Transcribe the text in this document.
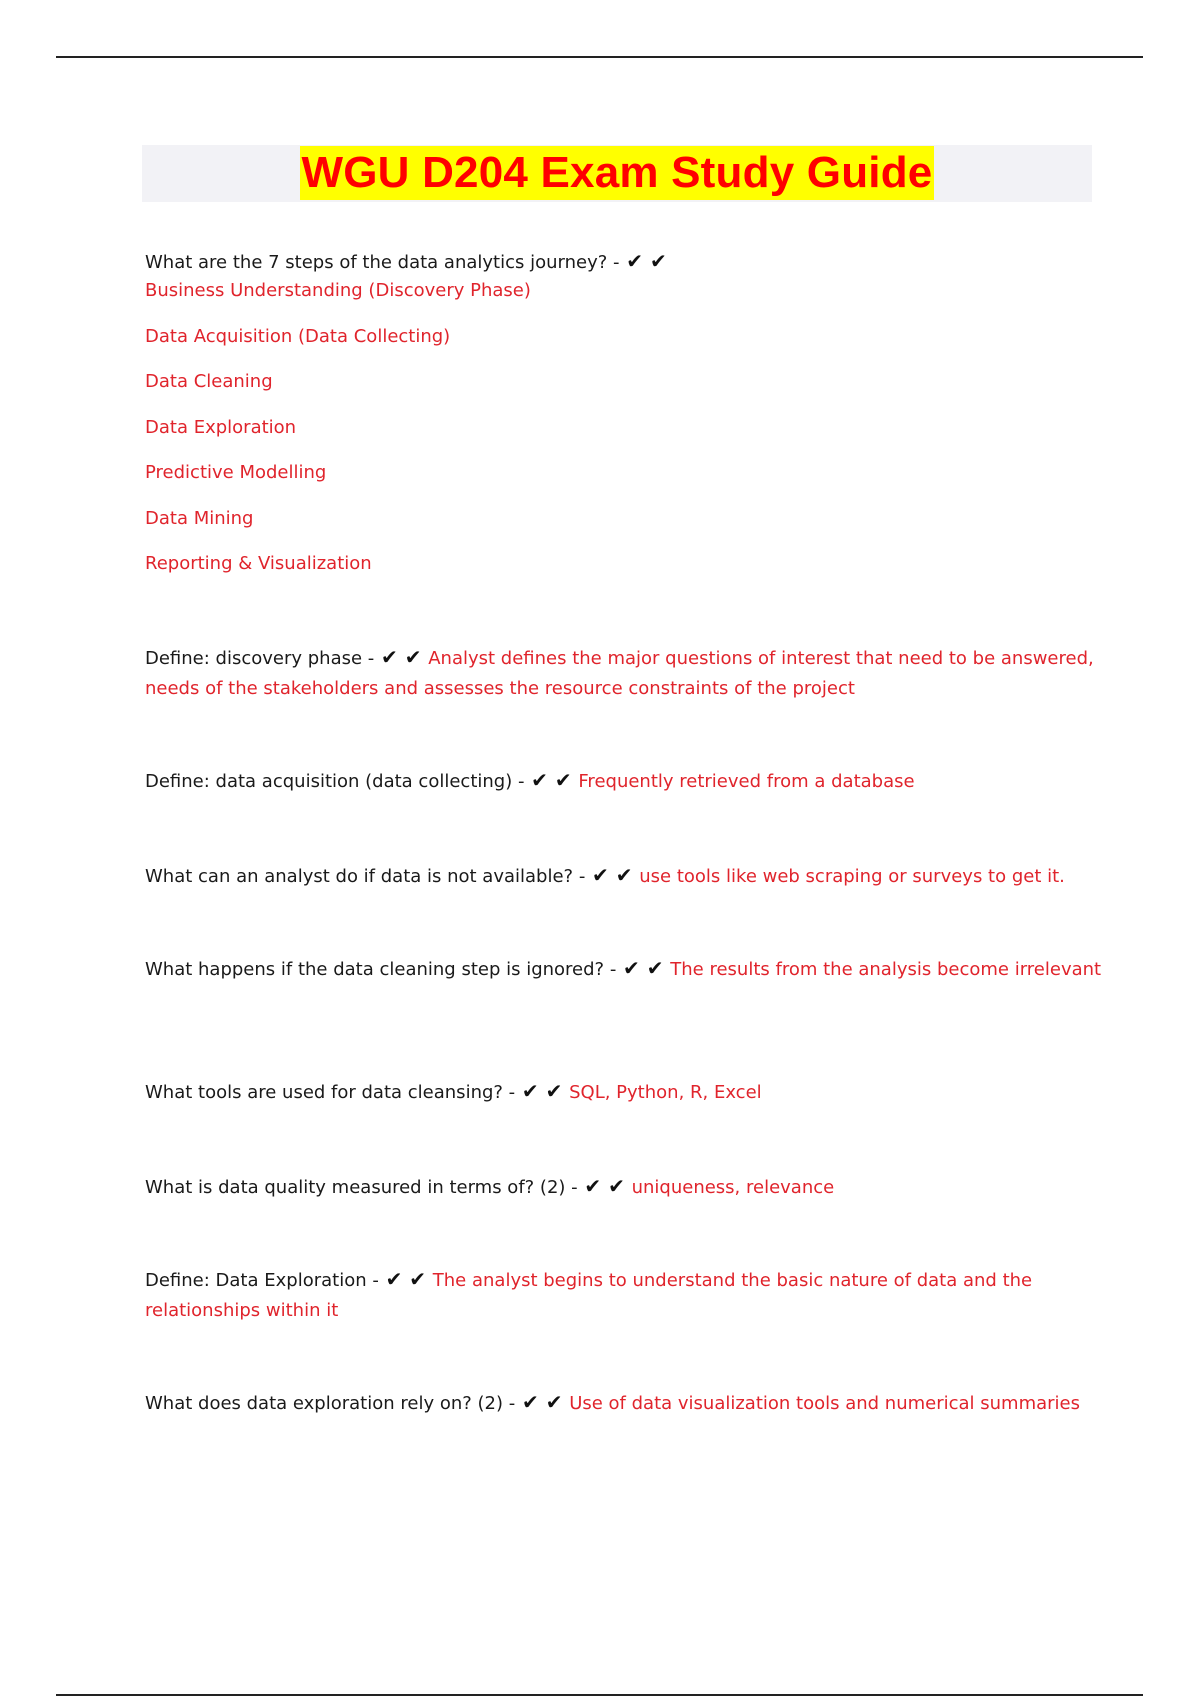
WGU D204 Exam Study Guide
What are the 7 steps of the data analytics journey? - ✔ ✔
Business Understanding (Discovery Phase)
Data Acquisition (Data Collecting)
Data Cleaning
Data Exploration
Predictive Modelling
Data Mining
Reporting & Visualization
Define: discovery phase - ✔ ✔ Analyst defines the major questions of interest that need to be answered, needs of the stakeholders and assesses the resource constraints of the project
Define: data acquisition (data collecting) - ✔ ✔ Frequently retrieved from a database
What can an analyst do if data is not available? - ✔ ✔ use tools like web scraping or surveys to get it.
What happens if the data cleaning step is ignored? - ✔ ✔ The results from the analysis become irrelevant
What tools are used for data cleansing? - ✔ ✔ SQL, Python, R, Excel
What is data quality measured in terms of? (2) - ✔ ✔ uniqueness, relevance
Define: Data Exploration - ✔ ✔ The analyst begins to understand the basic nature of data and the relationships within it
What does data exploration rely on? (2) - ✔ ✔ Use of data visualization tools and numerical summaries
